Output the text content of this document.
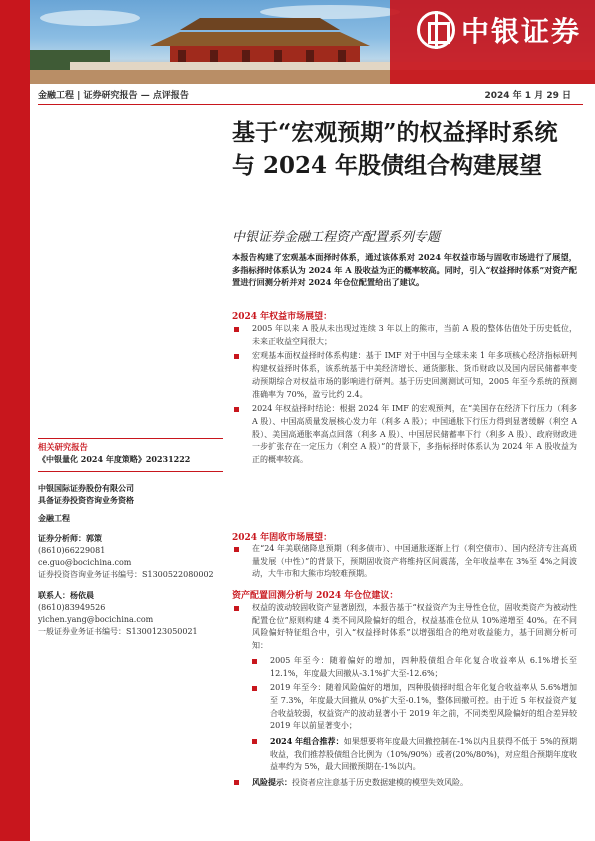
中银证券
金融工程 | 证券研究报告 — 点评报告	2024 年 1 月 29 日
基于“宏观预期”的权益择时系统与 2024 年股债组合构建展望
中银证券金融工程资产配置系列专题
本报告构建了宏观基本面择时体系，通过该体系对 2024 年权益市场与固收市场进行了展望，多指标择时体系认为 2024 年 A 股收益为正的概率较高。同时，引入“权益择时体系”对资产配置进行回测分析并对 2024 年仓位配置给出了建议。
2024 年权益市场展望：
2005 年以来 A 股从未出现过连续 3 年以上的熊市，当前 A 股的整体估值处于历史低位，未来正收益空间很大；
宏观基本面权益择时体系构建：基于 IMF 对于中国与全球未来 1 年多项核心经济指标研判构建权益择时体系，该系统基于中美经济增长、通货膨胀、货币财政以及国内居民储蓄率变动预期综合对权益市场的影响进行研判。基于历史回测测试可知，2005 年至今系统的预测准确率为 70%，盈亏比约 2.4。
2024 年权益择时结论：根据 2024 年 IMF 的宏观预判，在“美国存在经济下行压力（利多 A 股）、中国高质量发展核心发力年（利多 A 股）；中国通胀下行压力得到显著缓解（利空 A 股）、美国高通胀率高点回落（利多 A 股）、中国居民储蓄率下行（利多 A 股）、政府财政进一步扩张存在一定压力（利空 A 股）”的背景下，多指标择时体系认为 2024 年 A 股收益为正的概率较高。
2024 年固收市场展望：
在“24 年美联储降息预期（利多债市）、中国通胀逐渐上行（利空债市）、国内经济专注高质量发展（中性）”的背景下，预期固收资产将维持区间震荡，全年收益率在 3%至 4%之间波动，大牛市和大熊市均较难预期。
资产配置回测分析与 2024 年仓位建议：
权益的波动较固收资产显著剧烈，本报告基于“权益资产为主导性仓位，固收类资产为被动性配置仓位”原则构建 4 类不同风险偏好的组合，权益基准仓位从 10%递增至 40%。在不同风险偏好特征组合中，引入“权益择时体系”以增强组合的绝对收益能力，基于回测分析可知：
2005 年至今：随着偏好的增加，四种股债组合年化复合收益率从 6.1%增长至 12.1%，年度最大回撤从-3.1%扩大至-12.6%；
2019 年至今：随着风险偏好的增加，四种股债择时组合年化复合收益率从 5.6%增加至 7.3%，年度最大回撤从 0%扩大至-0.1%，整体回撤可控。由于近 5 年权益资产复合收益较弱，权益资产的波动显著小于 2019 年之前，不同类型风险偏好的组合差异较 2019 年以前显著变小；
2024 年组合推荐：如果想要将年度最大回撤控制在-1%以内且获得不低于 5%的预期收益，我们推荐股债组合比例为（10%/90%）或者(20%/80%)，对应组合预期年度收益率约为 5%，最大回撤预期在-1%以内。
风险提示：投资者应注意基于历史数据建模的模型失效风险。
相关研究报告
《中银量化 2024 年度策略》20231222
中银国际证券股份有限公司
具备证券投资咨询业务资格
金融工程
证券分析师：郭策
(8610)66229081
ce.guo@bocichina.com
证券投资咨询业务证书编号：S1300522080002
联系人：杨依晨
(8610)83949526
yichen.yang@bocichina.com
一般证券业务证书编号：S1300123050021
